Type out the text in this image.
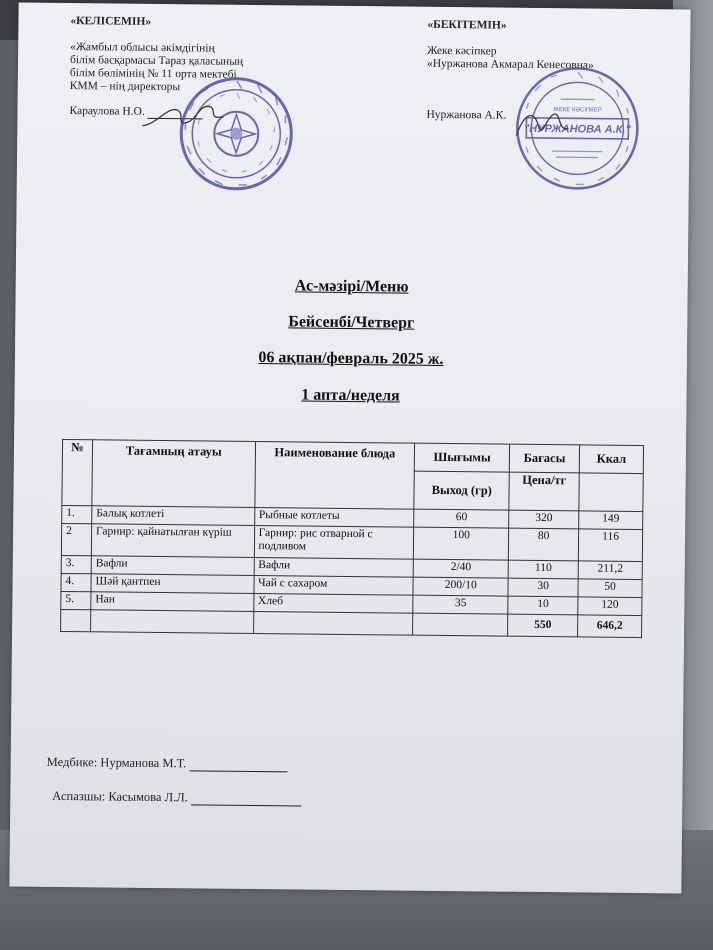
«КЕЛІСЕМІН»
«Жамбыл облысы әкімдігінің
білім басқармасы Тараз қаласының
білім бөлімінің № 11 орта мектебі
КММ – нің директоры
Караулова Н.О.
«БЕКІТЕМІН»
Жеке кәсіпкер
«Нуржанова Акмарал Кенесовна»
Нуржанова А.К.
"НУРЖАНОВА А.К."
ЖЕКЕ КӘСІПКЕР
Ас-мәзірі/Меню
Бейсенбі/Четверг
06 ақпан/февраль 2025 ж.
1 апта/неделя
№	Тағамның атауы	Наименование блюда	Шығымы	Бағасы	Ккал
			Выход (гр)	Цена/тг	
1.	Балық котлеті	Рыбные котлеты	60	320	149
2	Гарнир: қайнатылған күріш	Гарнир: рис отварной с подливом	100	80	116
3.	Вафли	Вафли	2/40	110	211,2
4.	Шәй қантпен	Чай с сахаром	200/10	30	50
5.	Нан	Хлеб	35	10	120
				550	646,2
Медбике: Нурманова М.Т.
Аспазшы: Касымова Л.Л.
